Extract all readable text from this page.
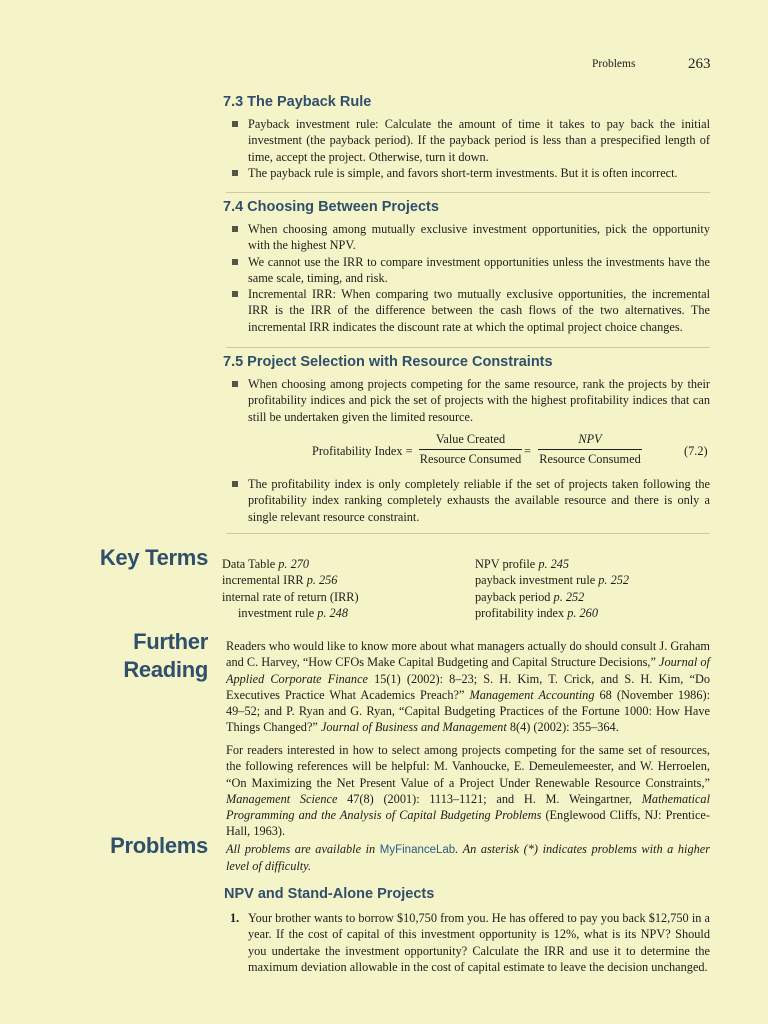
Problems	263
7.3 The Payback Rule
Payback investment rule: Calculate the amount of time it takes to pay back the initial investment (the payback period). If the payback period is less than a prespecified length of time, accept the project. Otherwise, turn it down.
The payback rule is simple, and favors short-term investments. But it is often incorrect.
7.4 Choosing Between Projects
When choosing among mutually exclusive investment opportunities, pick the opportunity with the highest NPV.
We cannot use the IRR to compare investment opportunities unless the investments have the same scale, timing, and risk.
Incremental IRR: When comparing two mutually exclusive opportunities, the incremental IRR is the IRR of the difference between the cash flows of the two alternatives. The incremental IRR indicates the discount rate at which the optimal project choice changes.
7.5 Project Selection with Resource Constraints
When choosing among projects competing for the same resource, rank the projects by their profitability indices and pick the set of projects with the highest profitability indices that can still be undertaken given the limited resource.
Profitability Index =
Value Created
Resource Consumed
=
NPV
Resource Consumed
(7.2)
The profitability index is only completely reliable if the set of projects taken following the profitability index ranking completely exhausts the available resource and there is only a single relevant resource constraint.
Key Terms Data Table p. 270
incremental IRR p. 256
internal rate of return (IRR)
investment rule p. 248
NPV profile p. 245
payback investment rule p. 252
payback period p. 252
profitability index p. 260
Further
Reading

Readers who would like to know more about what managers actually do should consult J. Graham and C. Harvey, “How CFOs Make Capital Budgeting and Capital Structure Decisions,” Journal of Applied Corporate Finance 15(1) (2002): 8–23; S. H. Kim, T. Crick, and S. H. Kim, “Do Executives Practice What Academics Preach?” Management Accounting 68 (November 1986): 49–52; and P. Ryan and G. Ryan, “Capital Budgeting Practices of the Fortune 1000: How Have Things Changed?” Journal of Business and Management 8(4) (2002): 355–364.

For readers interested in how to select among projects competing for the same set of resources, the following references will be helpful: M. Vanhoucke, E. Demeulemeester, and W. Herroelen, “On Maximizing the Net Present Value of a Project Under Renewable Resource Constraints,” Management Science 47(8) (2001): 1113–1121; and H. M. Weingartner, Mathematical Programming and the Analysis of Capital Budgeting Problems (Englewood Cliffs, NJ: Prentice-Hall, 1963).

Problems All problems are available in MyFinanceLab. An asterisk (*) indicates problems with a higher level of difficulty.

NPV and Stand-Alone Projects
1. Your brother wants to borrow $10,750 from you. He has offered to pay you back $12,750 in a year. If the cost of capital of this investment opportunity is 12%, what is its NPV? Should you undertake the investment opportunity? Calculate the IRR and use it to determine the maximum deviation allowable in the cost of capital estimate to leave the decision unchanged.
